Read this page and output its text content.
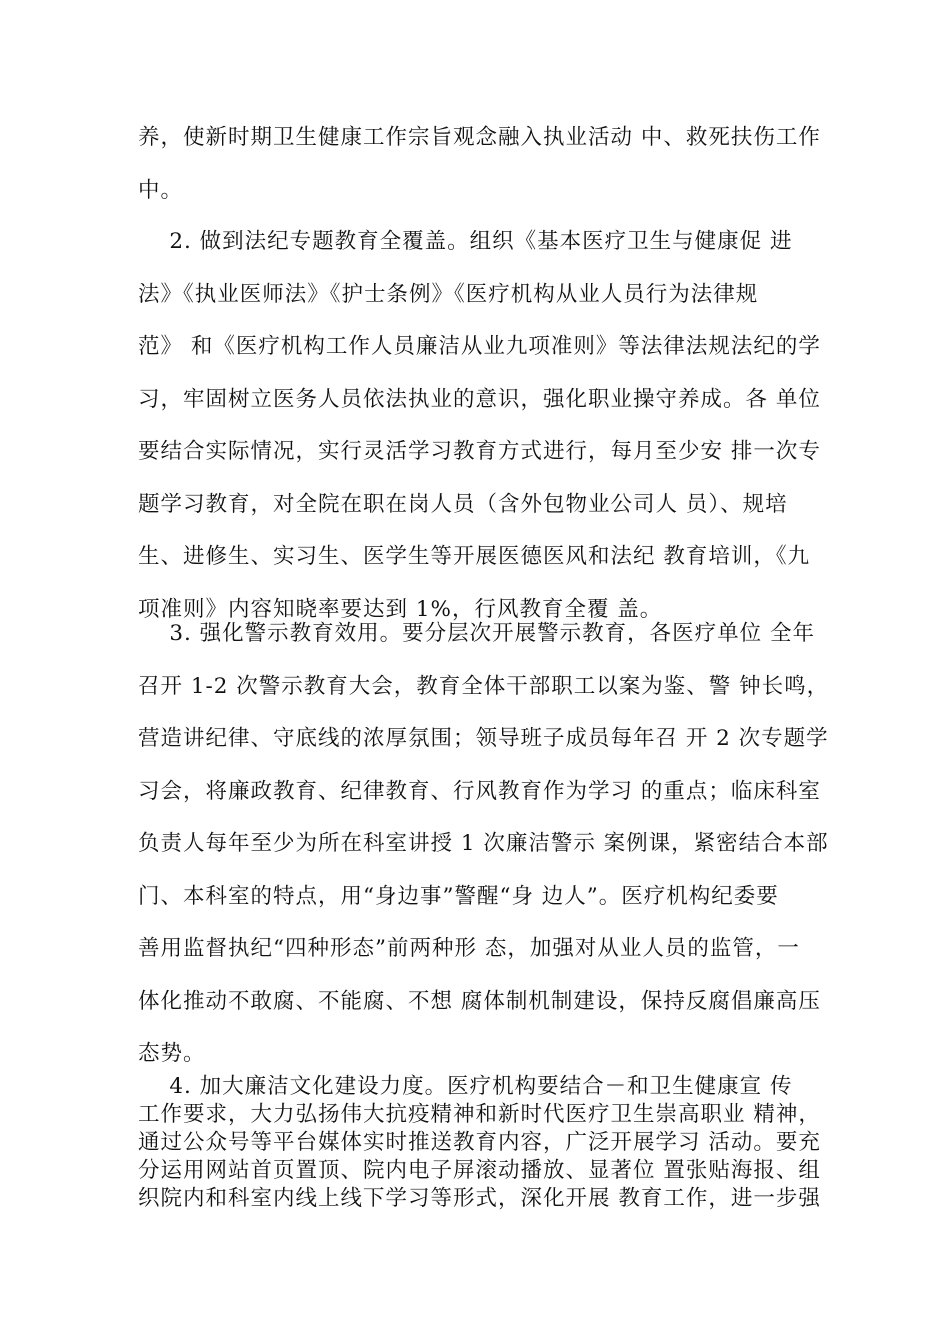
养，使新时期卫生健康工作宗旨观念融入执业活动 中、救死扶伤工作
中。
2. 做到法纪专题教育全覆盖。组织《基本医疗卫生与健康促 进
法》《执业医师法》《护士条例》《医疗机构从业人员行为法律规
范》 和《医疗机构工作人员廉洁从业九项准则》等法律法规法纪的学
习，牢固树立医务人员依法执业的意识，强化职业操守养成。各 单位
要结合实际情况，实行灵活学习教育方式进行，每月至少安 排一次专
题学习教育，对全院在职在岗人员（含外包物业公司人 员）、规培
生、进修生、实习生、医学生等开展医德医风和法纪 教育培训，《九
项准则》内容知晓率要达到 1%，行风教育全覆 盖。
3. 强化警示教育效用。要分层次开展警示教育，各医疗单位 全年
召开 1-2 次警示教育大会，教育全体干部职工以案为鉴、警 钟长鸣，
营造讲纪律、守底线的浓厚氛围；领导班子成员每年召 开 2 次专题学
习会，将廉政教育、纪律教育、行风教育作为学习 的重点；临床科室
负责人每年至少为所在科室讲授 1 次廉洁警示 案例课，紧密结合本部
门、本科室的特点，用“身边事”警醒“身 边人”。医疗机构纪委要
善用监督执纪“四种形态”前两种形 态，加强对从业人员的监管，一
体化推动不敢腐、不能腐、不想 腐体制机制建设，保持反腐倡廉高压
态势。
4. 加大廉洁文化建设力度。医疗机构要结合－和卫生健康宣 传
工作要求，大力弘扬伟大抗疫精神和新时代医疗卫生崇高职业 精神，
通过公众号等平台媒体实时推送教育内容，广泛开展学习 活动。要充
分运用网站首页置顶、院内电子屏滚动播放、显著位 置张贴海报、组
织院内和科室内线上线下学习等形式，深化开展 教育工作，进一步强
